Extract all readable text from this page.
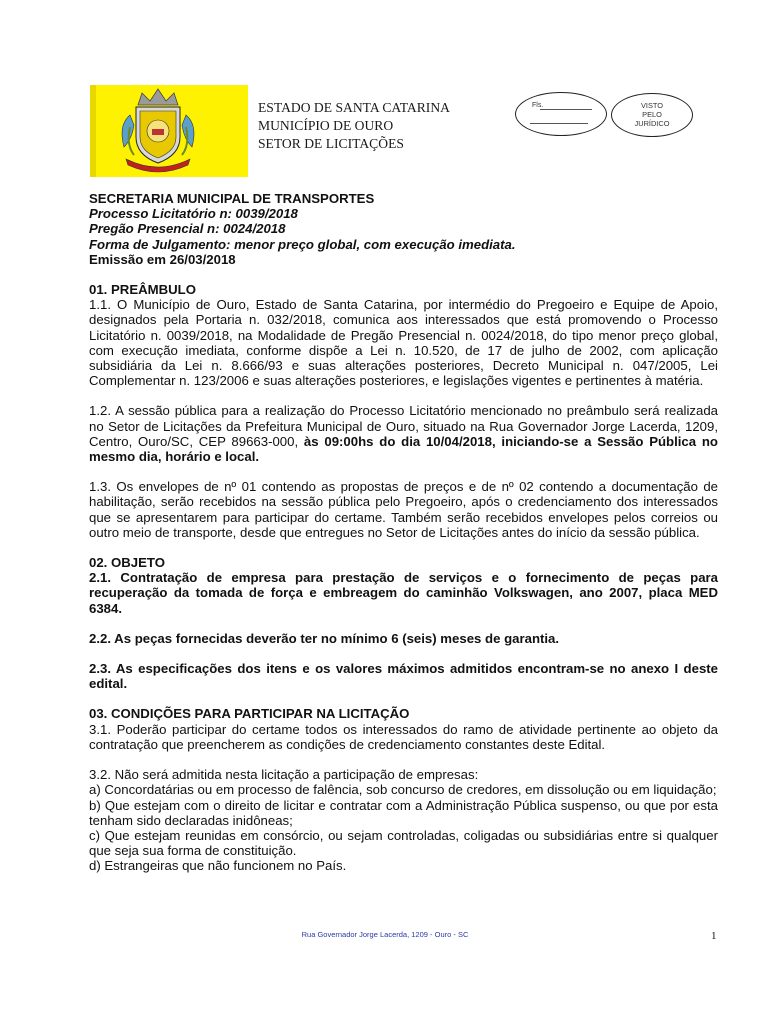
ESTADO DE SANTA CATARINA
MUNICÍPIO DE OURO
SETOR DE LICITAÇÕES
Fls.	VISTO
PELO
JURÍDICO

SECRETARIA MUNICIPAL DE TRANSPORTES

Processo Licitatório n: 0039/2018

Pregão Presencial n: 0024/2018

Forma de Julgamento: menor preço global, com execução imediata.

Emissão em 26/03/2018

01. PREÂMBULO

1.1. O Município de Ouro, Estado de Santa Catarina, por intermédio do Pregoeiro e Equipe de Apoio, designados pela Portaria n. 032/2018, comunica aos interessados que está promovendo o Processo Licitatório n. 0039/2018, na Modalidade de Pregão Presencial n. 0024/2018, do tipo menor preço global, com execução imediata, conforme dispõe a Lei n. 10.520, de 17 de julho de 2002, com aplicação subsidiária da Lei n. 8.666/93 e suas alterações posteriores, Decreto Municipal n. 047/2005, Lei Complementar n. 123/2006 e suas alterações posteriores, e legislações vigentes e pertinentes à matéria.

1.2. A sessão pública para a realização do Processo Licitatório mencionado no preâmbulo será realizada no Setor de Licitações da Prefeitura Municipal de Ouro, situado na Rua Governador Jorge Lacerda, 1209, Centro, Ouro/SC, CEP 89663-000, às 09:00hs do dia 10/04/2018, iniciando-se a Sessão Pública no mesmo dia, horário e local.

1.3. Os envelopes de nº 01 contendo as propostas de preços e de nº 02 contendo a documentação de habilitação, serão recebidos na sessão pública pelo Pregoeiro, após o credenciamento dos interessados que se apresentarem para participar do certame. Também serão recebidos envelopes pelos correios ou outro meio de transporte, desde que entregues no Setor de Licitações antes do início da sessão pública.

02. OBJETO

2.1. Contratação de empresa para prestação de serviços e o fornecimento de peças para recuperação da tomada de força e embreagem do caminhão Volkswagen, ano 2007, placa MED 6384.

2.2. As peças fornecidas deverão ter no mínimo 6 (seis) meses de garantia.

2.3. As especificações dos itens e os valores máximos admitidos encontram-se no anexo I deste edital.

03. CONDIÇÕES PARA PARTICIPAR NA LICITAÇÃO

3.1. Poderão participar do certame todos os interessados do ramo de atividade pertinente ao objeto da contratação que preencherem as condições de credenciamento constantes deste Edital.

3.2. Não será admitida nesta licitação a participação de empresas:

a) Concordatárias ou em processo de falência, sob concurso de credores, em dissolução ou em liquidação;

b) Que estejam com o direito de licitar e contratar com a Administração Pública suspenso, ou que por esta tenham sido declaradas inidôneas;

c) Que estejam reunidas em consórcio, ou sejam controladas, coligadas ou subsidiárias entre si qualquer que seja sua forma de constituição.

d) Estrangeiras que não funcionem no País.

Rua Governador Jorge Lacerda, 1209 - Ouro - SC	1
